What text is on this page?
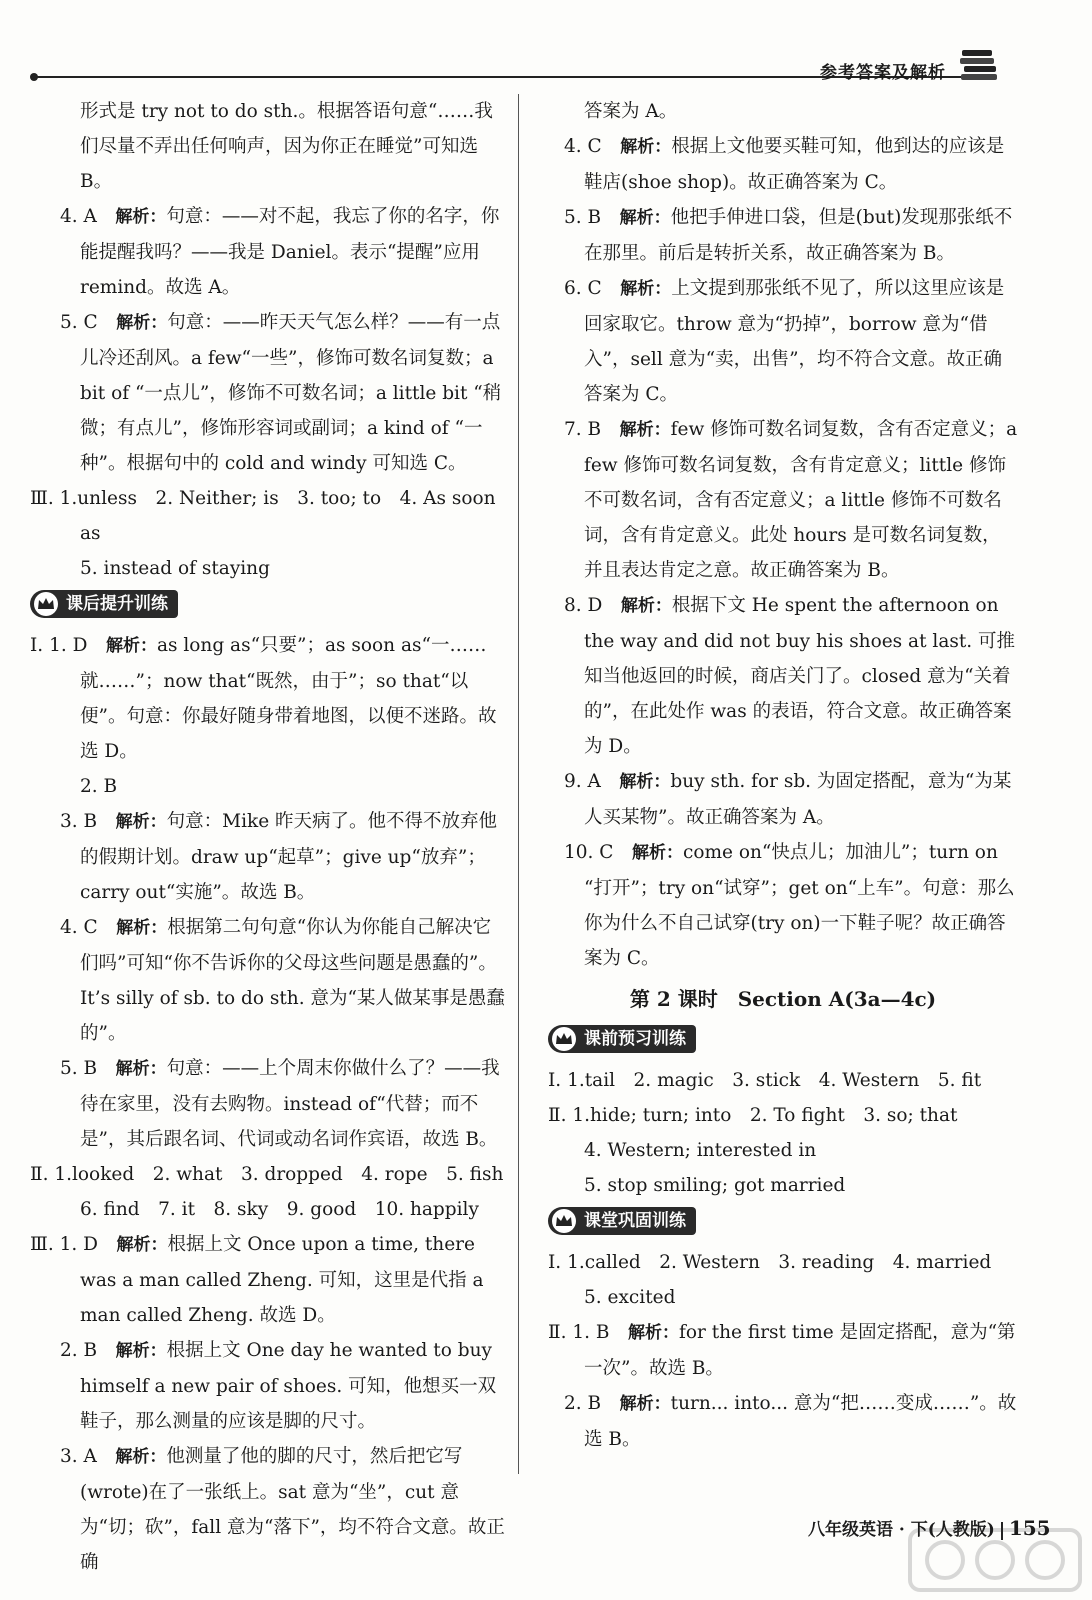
参考答案及解析

形式是 try not to do sth.。根据答语句意“……我们尽量不弄出任何响声，因为你正在睡觉”可知选 B。

4. A　 解析：句意：——对不起，我忘了你的名字，你能提醒我吗？——我是 Daniel。表示“提醒”应用 remind。故选 A。

5. C　 解析：句意：——昨天天气怎么样？——有一点儿冷还刮风。a few“一些”，修饰可数名词复数；a bit of “一点儿”，修饰不可数名词；a little bit “稍微；有点儿”，修饰形容词或副词；a kind of “一种”。根据句中的 cold and windy 可知选 C。

Ⅲ. 1.unless　2. Neither; is　3. too; to　4. As soon as

5. instead of staying

课后提升训练

Ⅰ. 1. D　 解析：as long as“只要”；as soon as“一……就……”；now that“既然，由于”；so that“以便”。句意：你最好随身带着地图，以便不迷路。故选 D。

2. B

3. B　 解析：句意：Mike 昨天病了。他不得不放弃他的假期计划。draw up“起草”；give up“放弃”；carry out“实施”。故选 B。

4. C　 解析：根据第二句句意“你认为你能自己解决它们吗”可知“你不告诉你的父母这些问题是愚蠢的”。It’s silly of sb. to do sth. 意为“某人做某事是愚蠢的”。

5. B　 解析：句意：——上个周末你做什么了？——我待在家里，没有去购物。instead of“代替；而不是”，其后跟名词、代词或动名词作宾语，故选 B。

Ⅱ. 1.looked　2. what　3. dropped　4. rope　5. fish

6. find　7. it　8. sky　9. good　10. happily

Ⅲ. 1. D　 解析：根据上文 Once upon a time, there was a man called Zheng. 可知，这里是代指 a man called Zheng. 故选 D。

2. B　 解析：根据上文 One day he wanted to buy himself a new pair of shoes. 可知，他想买一双鞋子，那么测量的应该是脚的尺寸。

3. A　 解析：他测量了他的脚的尺寸，然后把它写(wrote)在了一张纸上。sat 意为“坐”，cut 意为“切；砍”，fall 意为“落下”，均不符合文意。故正确

答案为 A。

4. C　 解析：根据上文他要买鞋可知，他到达的应该是鞋店(shoe shop)。故正确答案为 C。

5. B　 解析：他把手伸进口袋，但是(but)发现那张纸不在那里。前后是转折关系，故正确答案为 B。

6. C　 解析：上文提到那张纸不见了，所以这里应该是回家取它。throw 意为“扔掉”，borrow 意为“借入”，sell 意为“卖，出售”，均不符合文意。故正确答案为 C。

7. B　 解析：few 修饰可数名词复数，含有否定意义；a few 修饰可数名词复数，含有肯定意义；little 修饰不可数名词，含有否定意义；a little 修饰不可数名词，含有肯定意义。此处 hours 是可数名词复数，并且表达肯定之意。故正确答案为 B。

8. D　 解析：根据下文 He spent the afternoon on the way and did not buy his shoes at last. 可推知当他返回的时候，商店关门了。closed 意为“关着的”，在此处作 was 的表语，符合文意。故正确答案为 D。

9. A　 解析：buy sth. for sb. 为固定搭配，意为“为某人买某物”。故正确答案为 A。

10. C　 解析：come on“快点儿；加油儿”；turn on “打开”；try on“试穿”；get on“上车”。句意：那么你为什么不自己试穿(try on)一下鞋子呢？故正确答案为 C。

第 2 课时　Section A(3a—4c)
课前预习训练

Ⅰ. 1.tail　2. magic　3. stick　4. Western　5. fit

Ⅱ. 1.hide; turn; into　2. To fight　3. so; that

4. Western; interested in

5. stop smiling; got married

课堂巩固训练

Ⅰ. 1.called　2. Western　3. reading　4. married

5. excited

Ⅱ. 1. B　 解析：for the first time 是固定搭配，意为“第一次”。故选 B。

2. B　 解析：turn... into... 意为“把……变成……”。故选 B。

八年级英语 · 下(人教版) 155
